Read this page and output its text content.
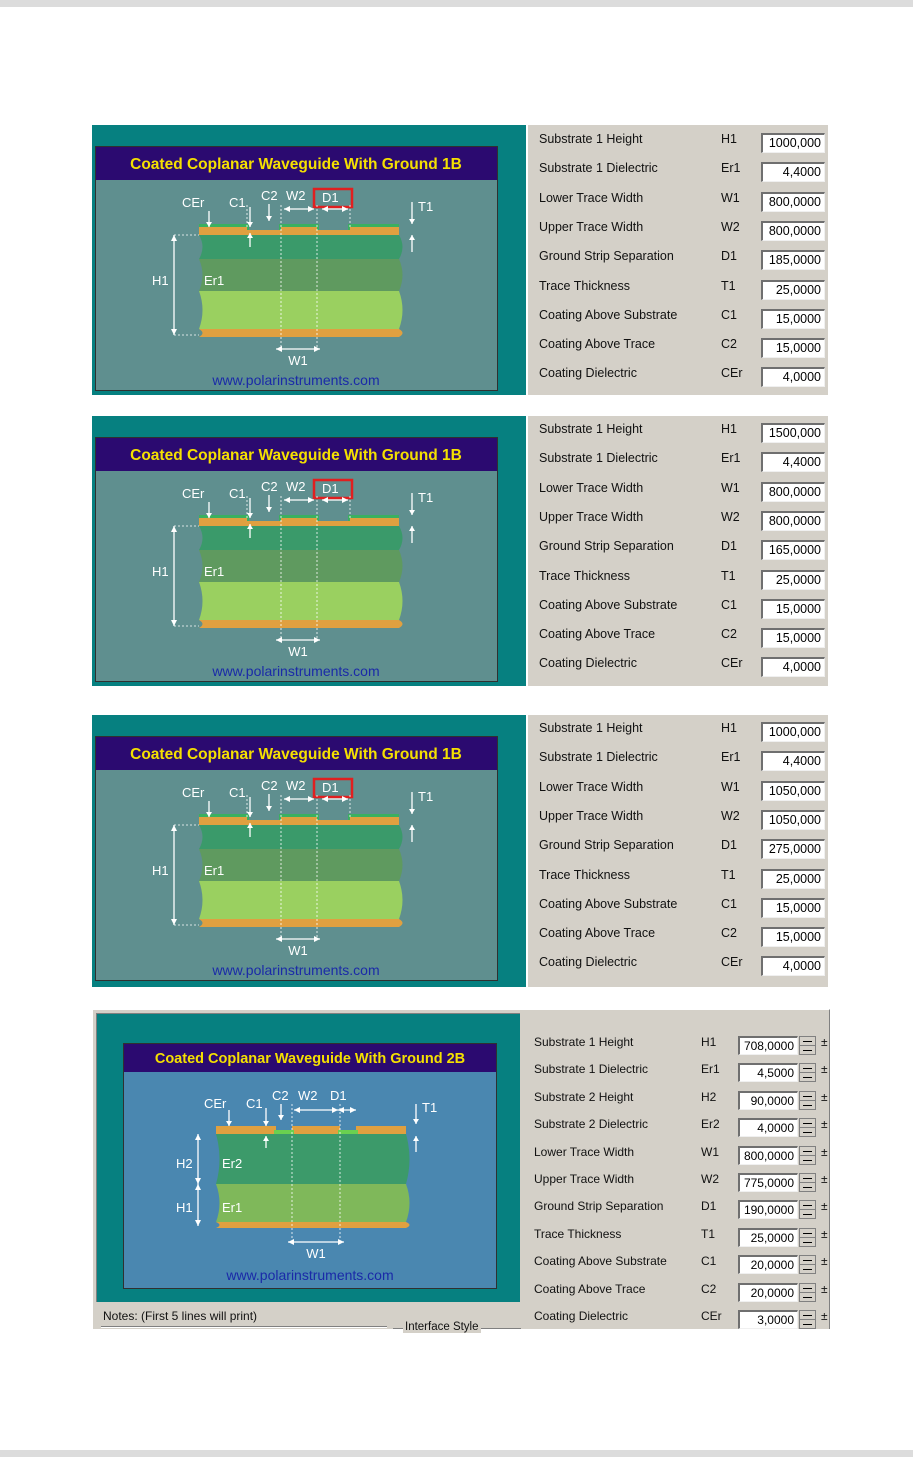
Coated Coplanar Waveguide With Ground 1B
CEr C1 C2 W2 D1
T1
H1	Er1
W1
www.polarinstruments.com
Substrate 1 Height	H1	1000,000
Substrate 1 Dielectric	Er1	4,4000
Lower Trace Width	W1	800,0000
Upper Trace Width	W2	800,0000
Ground Strip Separation	D1	185,0000
Trace Thickness	T1	25,0000
Coating Above Substrate	C1	15,0000
Coating Above Trace	C2	15,0000
Coating Dielectric	CEr	4,0000
Coated Coplanar Waveguide With Ground 1B
CEr C1 C2 W2 D1
T1
H1	Er1
W1
www.polarinstruments.com
Substrate 1 Height	H1	1500,000
Substrate 1 Dielectric	Er1	4,4000
Lower Trace Width	W1	800,0000
Upper Trace Width	W2	800,0000
Ground Strip Separation	D1	165,0000
Trace Thickness	T1	25,0000
Coating Above Substrate	C1	15,0000
Coating Above Trace	C2	15,0000
Coating Dielectric	CEr	4,0000
Coated Coplanar Waveguide With Ground 1B
CEr C1 C2 W2 D1
T1
H1	Er1
W1
www.polarinstruments.com
Substrate 1 Height	H1	1000,000
Substrate 1 Dielectric	Er1	4,4000
Lower Trace Width	W1	1050,000
Upper Trace Width	W2	1050,000
Ground Strip Separation	D1	275,0000
Trace Thickness	T1	25,0000
Coating Above Substrate	C1	15,0000
Coating Above Trace	C2	15,0000
Coating Dielectric	CEr	4,0000
Coated Coplanar Waveguide With Ground 2B
CEr C1
C2 W2 D1
T1
H2 Er2
H1 Er1
W1
www.polarinstruments.com
Notes: (First 5 lines will print)
Interface Style
Substrate 1 Height	H1	708,0000	±
Substrate 1 Dielectric	Er1	4,5000	±
Substrate 2 Height	H2	90,0000	±
Substrate 2 Dielectric	Er2	4,0000	±
Lower Trace Width	W1	800,0000	±
Upper Trace Width	W2	775,0000	±
Ground Strip Separation	D1	190,0000	±
Trace Thickness	T1	25,0000	±
Coating Above Substrate	C1	20,0000	±
Coating Above Trace	C2	20,0000	±
Coating Dielectric	CEr	3,0000	±
